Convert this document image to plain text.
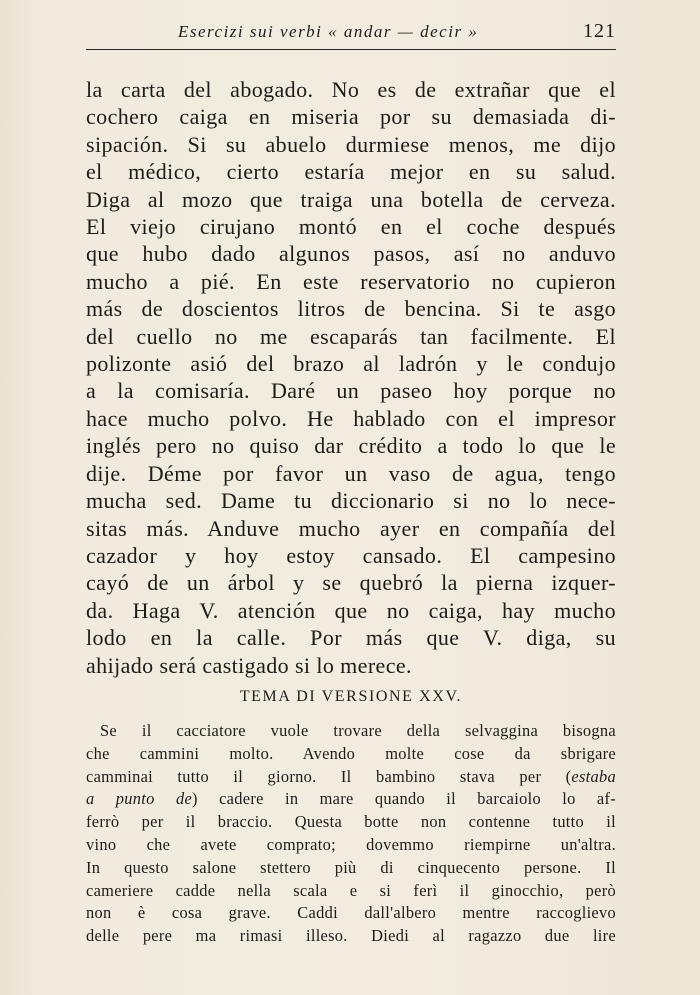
Esercizi sui verbi « andar — decir »	121
la carta del abogado. No es de extrañar que el
cochero caiga en miseria por su demasiada di-
sipación. Si su abuelo durmiese menos, me dijo
el médico, cierto estaría mejor en su salud.
Diga al mozo que traiga una botella de cerveza.
El viejo cirujano montó en el coche después
que hubo dado algunos pasos, así no anduvo
mucho a pié. En este reservatorio no cupieron
más de doscientos litros de bencina. Si te asgo
del cuello no me escaparás tan facilmente. El
polizonte asió del brazo al ladrón y le condujo
a la comisaría. Daré un paseo hoy porque no
hace mucho polvo. He hablado con el impresor
inglés pero no quiso dar crédito a todo lo que le
dije. Déme por favor un vaso de agua, tengo
mucha sed. Dame tu diccionario si no lo nece-
sitas más. Anduve mucho ayer en compañía del
cazador y hoy estoy cansado. El campesino
cayó de un árbol y se quebró la pierna izquer-
da. Haga V. atención que no caiga, hay mucho
lodo en la calle. Por más que V. diga, su
ahijado será castigado si lo merece.
TEMA DI VERSIONE XXV.
Se il cacciatore vuole trovare della selvaggina bisogna
che cammini molto. Avendo molte cose da sbrigare
camminai tutto il giorno. Il bambino stava per (estaba
a punto de) cadere in mare quando il barcaiolo lo af-
ferrò per il braccio. Questa botte non contenne tutto il
vino che avete comprato; dovemmo riempirne un'altra.
In questo salone stettero più di cinquecento persone. Il
cameriere cadde nella scala e si ferì il ginocchio, però
non è cosa grave. Caddi dall'albero mentre raccoglievo
delle pere ma rimasi illeso. Diedi al ragazzo due lire
